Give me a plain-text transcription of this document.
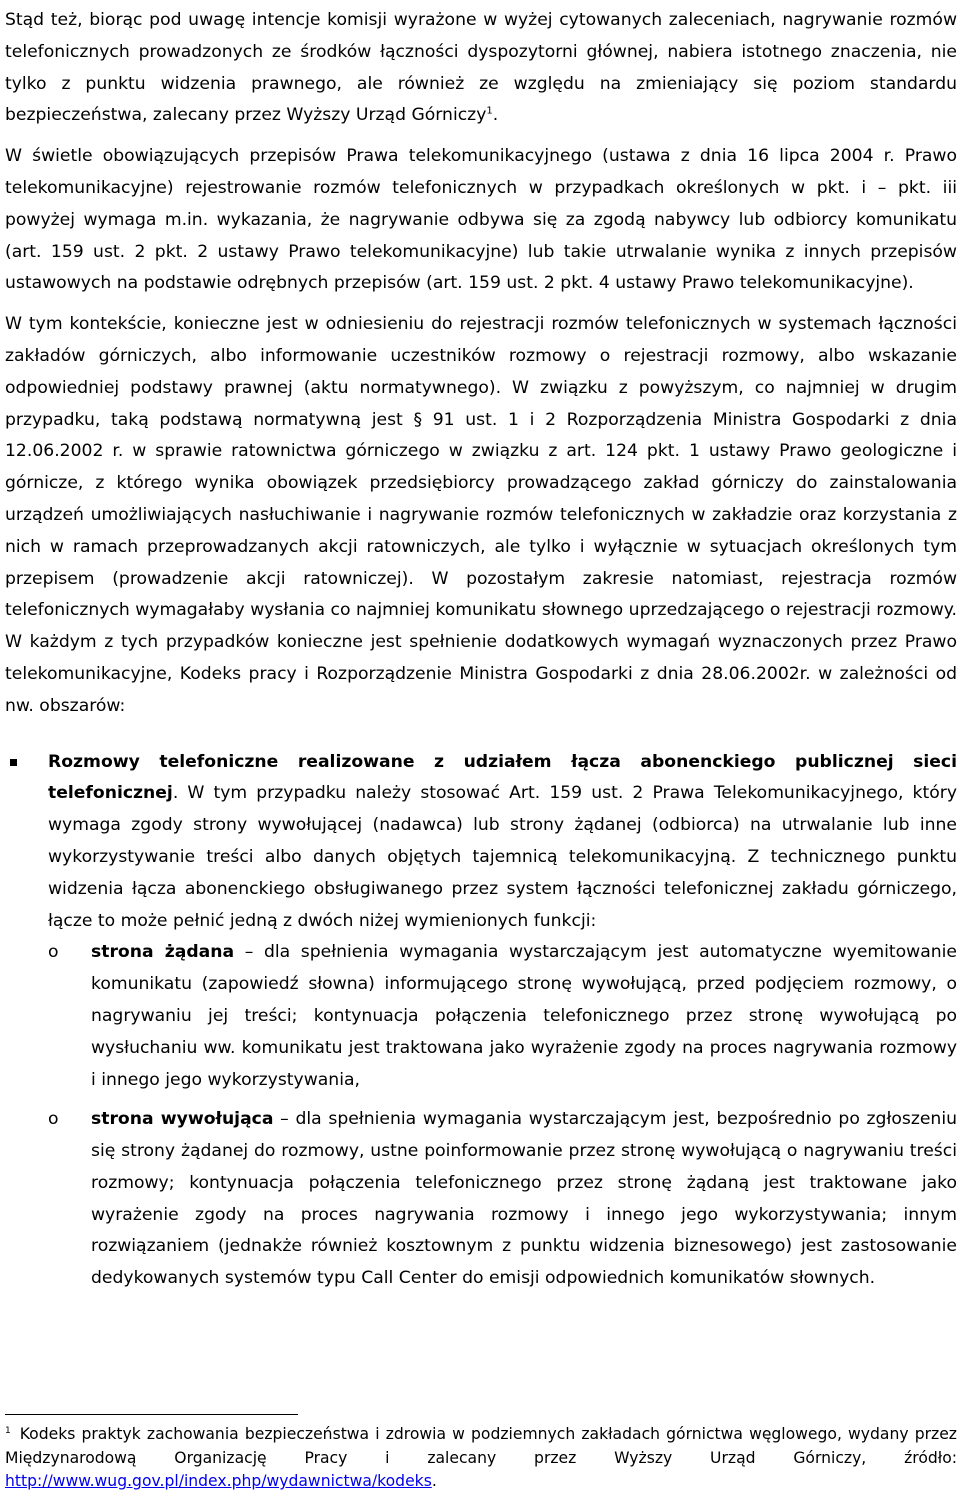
Stąd też, biorąc pod uwagę intencje komisji wyrażone w wyżej cytowanych zaleceniach, nagrywanie rozmów telefonicznych prowadzonych ze środków łączności dyspozytorni głównej, nabiera istotnego znaczenia, nie tylko z punktu widzenia prawnego, ale również ze względu na zmieniający się poziom standardu bezpieczeństwa, zalecany przez Wyższy Urząd Górniczy$^1$.

W świetle obowiązujących przepisów Prawa telekomunikacyjnego (ustawa z dnia 16 lipca 2004 r. Prawo telekomunikacyjne) rejestrowanie rozmów telefonicznych w przypadkach określonych w pkt. i – pkt. iii powyżej wymaga m.in. wykazania, że nagrywanie odbywa się za zgodą nabywcy lub odbiorcy komunikatu (art. 159 ust. 2 pkt. 2 ustawy Prawo telekomunikacyjne) lub takie utrwalanie wynika z innych przepisów ustawowych na podstawie odrębnych przepisów (art. 159 ust. 2 pkt. 4 ustawy Prawo telekomunikacyjne).

W tym kontekście, konieczne jest w odniesieniu do rejestracji rozmów telefonicznych w systemach łączności zakładów górniczych, albo informowanie uczestników rozmowy o rejestracji rozmowy, albo wskazanie odpowiedniej podstawy prawnej (aktu normatywnego). W związku z powyższym, co najmniej w drugim przypadku, taką podstawą normatywną jest § 91 ust. 1 i 2 Rozporządzenia Ministra Gospodarki z dnia 12.06.2002 r. w sprawie ratownictwa górniczego w związku z art. 124 pkt. 1 ustawy Prawo geologiczne i górnicze, z którego wynika obowiązek przedsiębiorcy prowadzącego zakład górniczy do zainstalowania urządzeń umożliwiających nasłuchiwanie i nagrywanie rozmów telefonicznych w zakładzie oraz korzystania z nich w ramach przeprowadzanych akcji ratowniczych, ale tylko i wyłącznie w sytuacjach określonych tym przepisem (prowadzenie akcji ratowniczej). W pozostałym zakresie natomiast, rejestracja rozmów telefonicznych wymagałaby wysłania co najmniej komunikatu słownego uprzedzającego o rejestracji rozmowy. W każdym z tych przypadków konieczne jest spełnienie dodatkowych wymagań wyznaczonych przez Prawo telekomunikacyjne, Kodeks pracy i Rozporządzenie Ministra Gospodarki z dnia 28.06.2002r. w zależności od nw. obszarów:

Rozmowy telefoniczne realizowane z udziałem łącza abonenckiego publicznej sieci telefonicznej. W tym przypadku należy stosować Art. 159 ust. 2 Prawa Telekomunikacyjnego, który wymaga zgody strony wywołującej (nadawca) lub strony żądanej (odbiorca) na utrwalanie lub inne wykorzystywanie treści albo danych objętych tajemnicą telekomunikacyjną. Z technicznego punktu widzenia łącza abonenckiego obsługiwanego przez system łączności telefonicznej zakładu górniczego, łącze to może pełnić jedną z dwóch niżej wymienionych funkcji:

o strona żądana – dla spełnienia wymagania wystarczającym jest automatyczne wyemitowanie komunikatu (zapowiedź słowna) informującego stronę wywołującą, przed podjęciem rozmowy, o nagrywaniu jej treści; kontynuacja połączenia telefonicznego przez stronę wywołującą po wysłuchaniu ww. komunikatu jest traktowana jako wyrażenie zgody na proces nagrywania rozmowy i innego jego wykorzystywania,

o strona wywołująca – dla spełnienia wymagania wystarczającym jest, bezpośrednio po zgłoszeniu się strony żądanej do rozmowy, ustne poinformowanie przez stronę wywołującą o nagrywaniu treści rozmowy; kontynuacja połączenia telefonicznego przez stronę żądaną jest traktowane jako wyrażenie zgody na proces nagrywania rozmowy i innego jego wykorzystywania; innym rozwiązaniem (jednakże również kosztownym z punktu widzenia biznesowego) jest zastosowanie dedykowanych systemów typu Call Center do emisji odpowiednich komunikatów słownych.

$^1$ Kodeks praktyk zachowania bezpieczeństwa i zdrowia w podziemnych zakładach górnictwa węglowego, wydany przez Międzynarodową Organizację Pracy i zalecany przez Wyższy Urząd Górniczy, źródło: http://www.wug.gov.pl/index.php/wydawnictwa/kodeks.
